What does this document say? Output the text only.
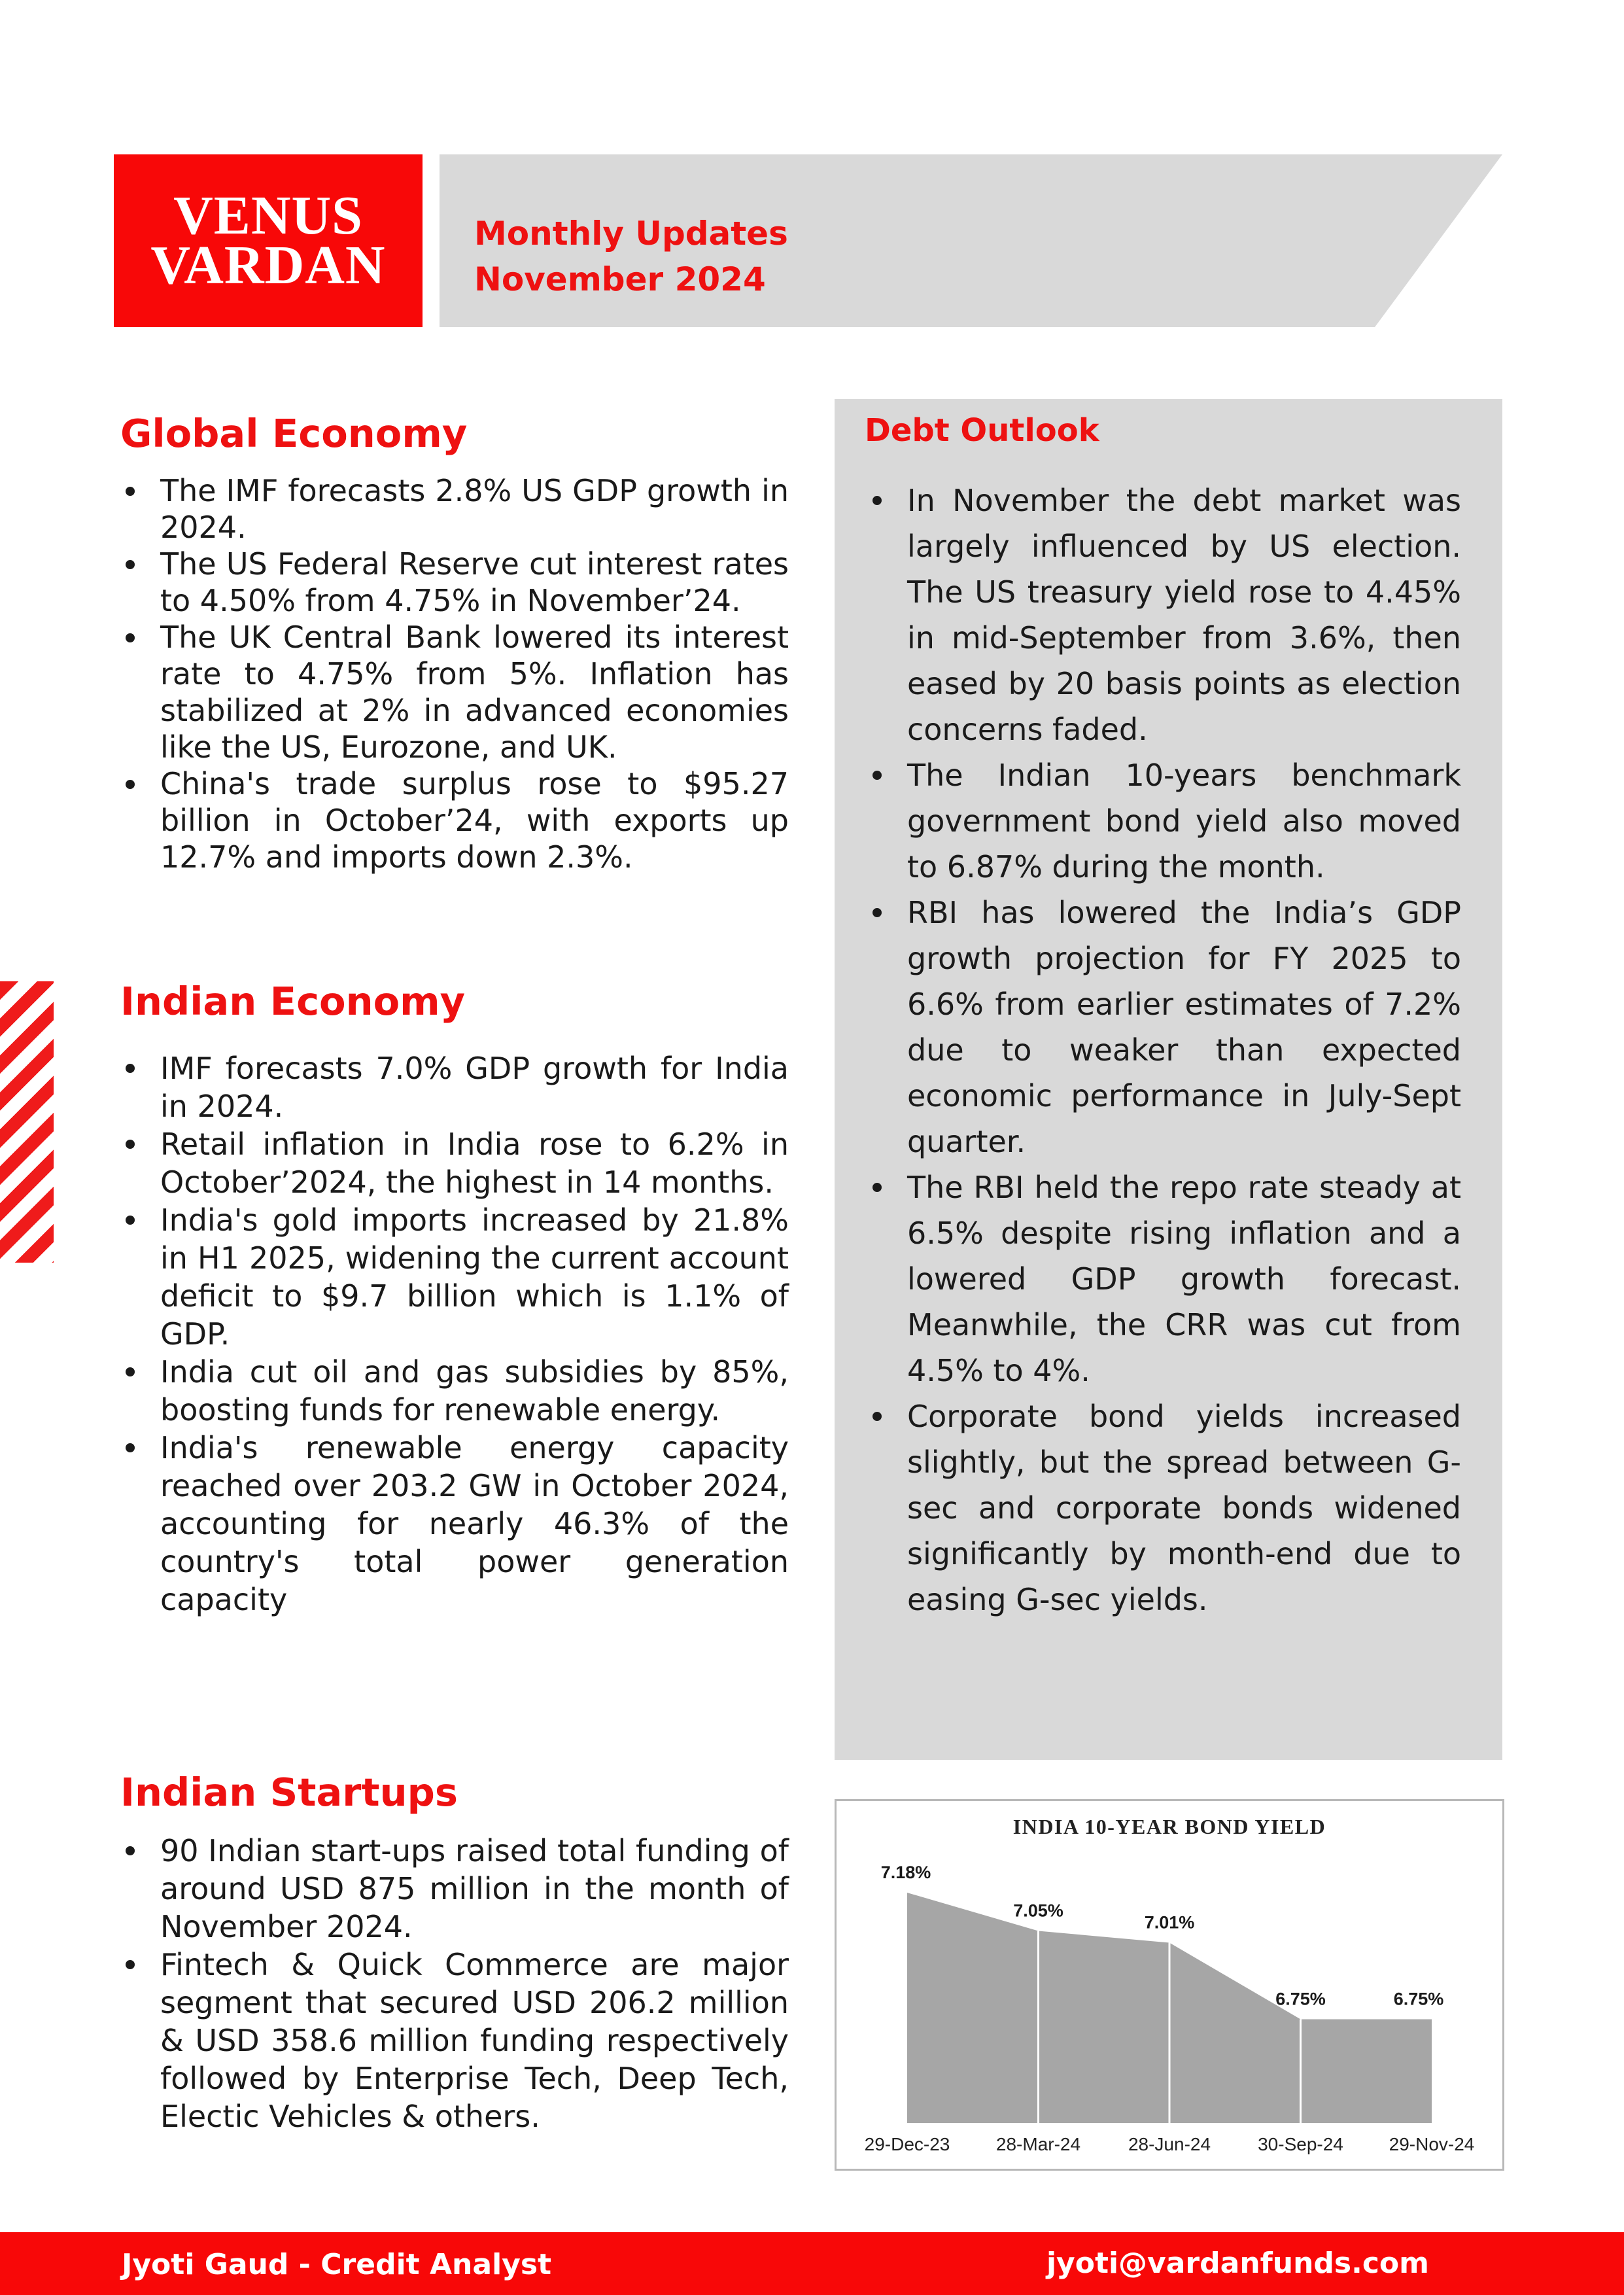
VENUS
VARDAN
Monthly Updates
November 2024
Global Economy
The IMF forecasts 2.8% US GDP growth in 2024.
The US Federal Reserve cut interest rates to 4.50% from 4.75% in November’24.
The UK Central Bank lowered its interest rate to 4.75% from 5%. Inflation has stabilized at 2% in advanced economies like the US, Eurozone, and UK.
China's trade surplus rose to $95.27 billion in October’24, with exports up 12.7% and imports down 2.3%.
Indian Economy
IMF forecasts 7.0% GDP growth for India in 2024.
Retail inflation in India rose to 6.2% in October’2024, the highest in 14 months.
India's gold imports increased by 21.8% in H1 2025, widening the current account deficit to $9.7 billion which is 1.1% of GDP.
India cut oil and gas subsidies by 85%, boosting funds for renewable energy.
India's renewable energy capacity reached over 203.2 GW in October 2024, accounting for nearly 46.3% of the country's total power generation capacity
Indian Startups
90 Indian start-ups raised total funding of around USD 875 million in the month of November 2024.
Fintech & Quick Commerce are major segment that secured USD 206.2 million & USD 358.6 million funding respectively followed by Enterprise Tech, Deep Tech, Electic Vehicles & others.
Debt Outlook
In November the debt market was largely influenced by US election. The US treasury yield rose to 4.45% in mid-September from 3.6%, then eased by 20 basis points as election concerns faded.
The Indian 10-years benchmark government bond yield also moved to 6.87% during the month.
RBI has lowered the India’s GDP growth projection for FY 2025 to 6.6% from earlier estimates of 7.2% due to weaker than expected economic performance in July-Sept quarter.
The RBI held the repo rate steady at 6.5% despite rising inflation and a lowered GDP growth forecast. Meanwhile, the CRR was cut from 4.5% to 4%.
Corporate bond yields increased slightly, but the spread between G-sec and corporate bonds widened significantly by month-end due to easing G-sec yields.
INDIA 10-YEAR BOND YIELD
7.18%
29-Dec-23
7.05%
28-Mar-24
7.01%
28-Jun-24
6.75%
30-Sep-24
6.75%
29-Nov-24
Jyoti Gaud - Credit Analyst	jyoti@vardanfunds.com
